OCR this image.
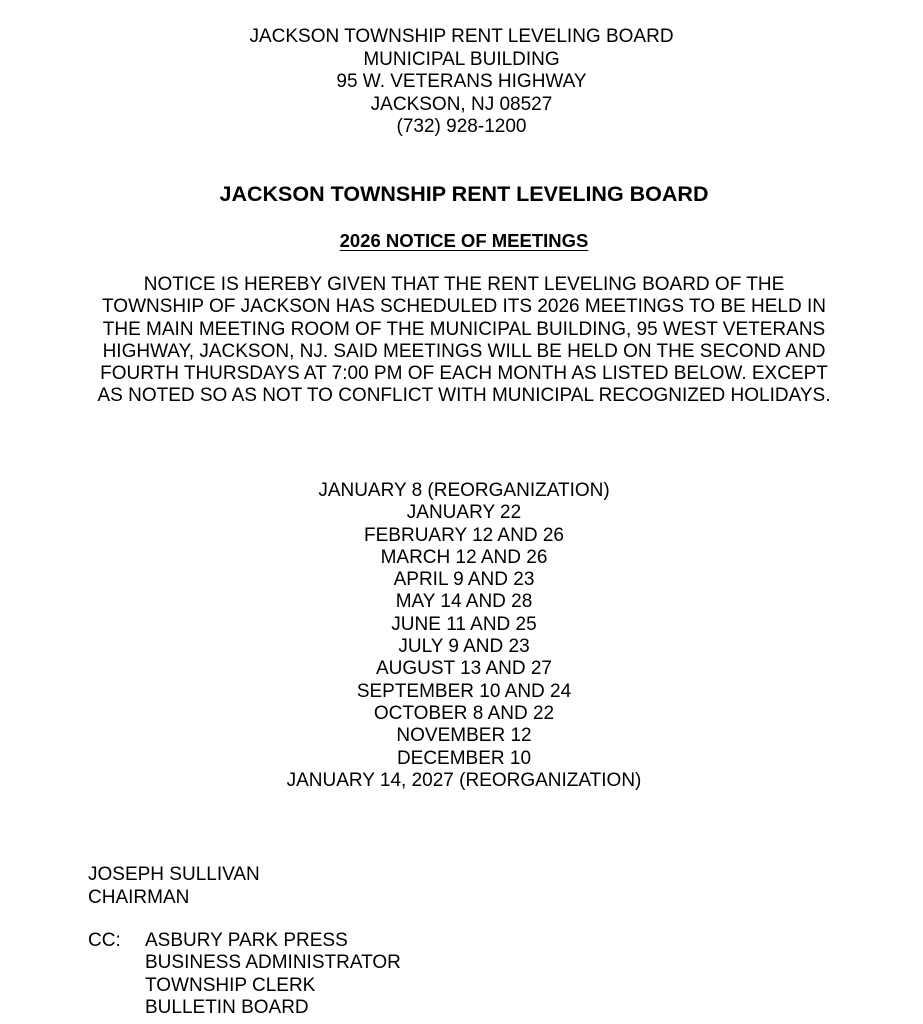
JACKSON TOWNSHIP RENT LEVELING BOARD
MUNICIPAL BUILDING
95 W. VETERANS HIGHWAY
JACKSON, NJ 08527
(732) 928-1200
JACKSON TOWNSHIP RENT LEVELING BOARD
2026 NOTICE OF MEETINGS
NOTICE IS HEREBY GIVEN THAT THE RENT LEVELING BOARD OF THE
TOWNSHIP OF JACKSON HAS SCHEDULED ITS 2026 MEETINGS TO BE HELD IN
THE MAIN MEETING ROOM OF THE MUNICIPAL BUILDING, 95 WEST VETERANS
HIGHWAY, JACKSON, NJ. SAID MEETINGS WILL BE HELD ON THE SECOND AND
FOURTH THURSDAYS AT 7:00 PM OF EACH MONTH AS LISTED BELOW. EXCEPT
AS NOTED SO AS NOT TO CONFLICT WITH MUNICIPAL RECOGNIZED HOLIDAYS.
JANUARY 8 (REORGANIZATION)
JANUARY 22
FEBRUARY 12 AND 26
MARCH 12 AND 26
APRIL 9 AND 23
MAY 14 AND 28
JUNE 11 AND 25
JULY 9 AND 23
AUGUST 13 AND 27
SEPTEMBER 10 AND 24
OCTOBER 8 AND 22
NOVEMBER 12
DECEMBER 10
JANUARY 14, 2027 (REORGANIZATION)
JOSEPH SULLIVAN
CHAIRMAN
CC: ASBURY PARK PRESS
BUSINESS ADMINISTRATOR
TOWNSHIP CLERK
BULLETIN BOARD
